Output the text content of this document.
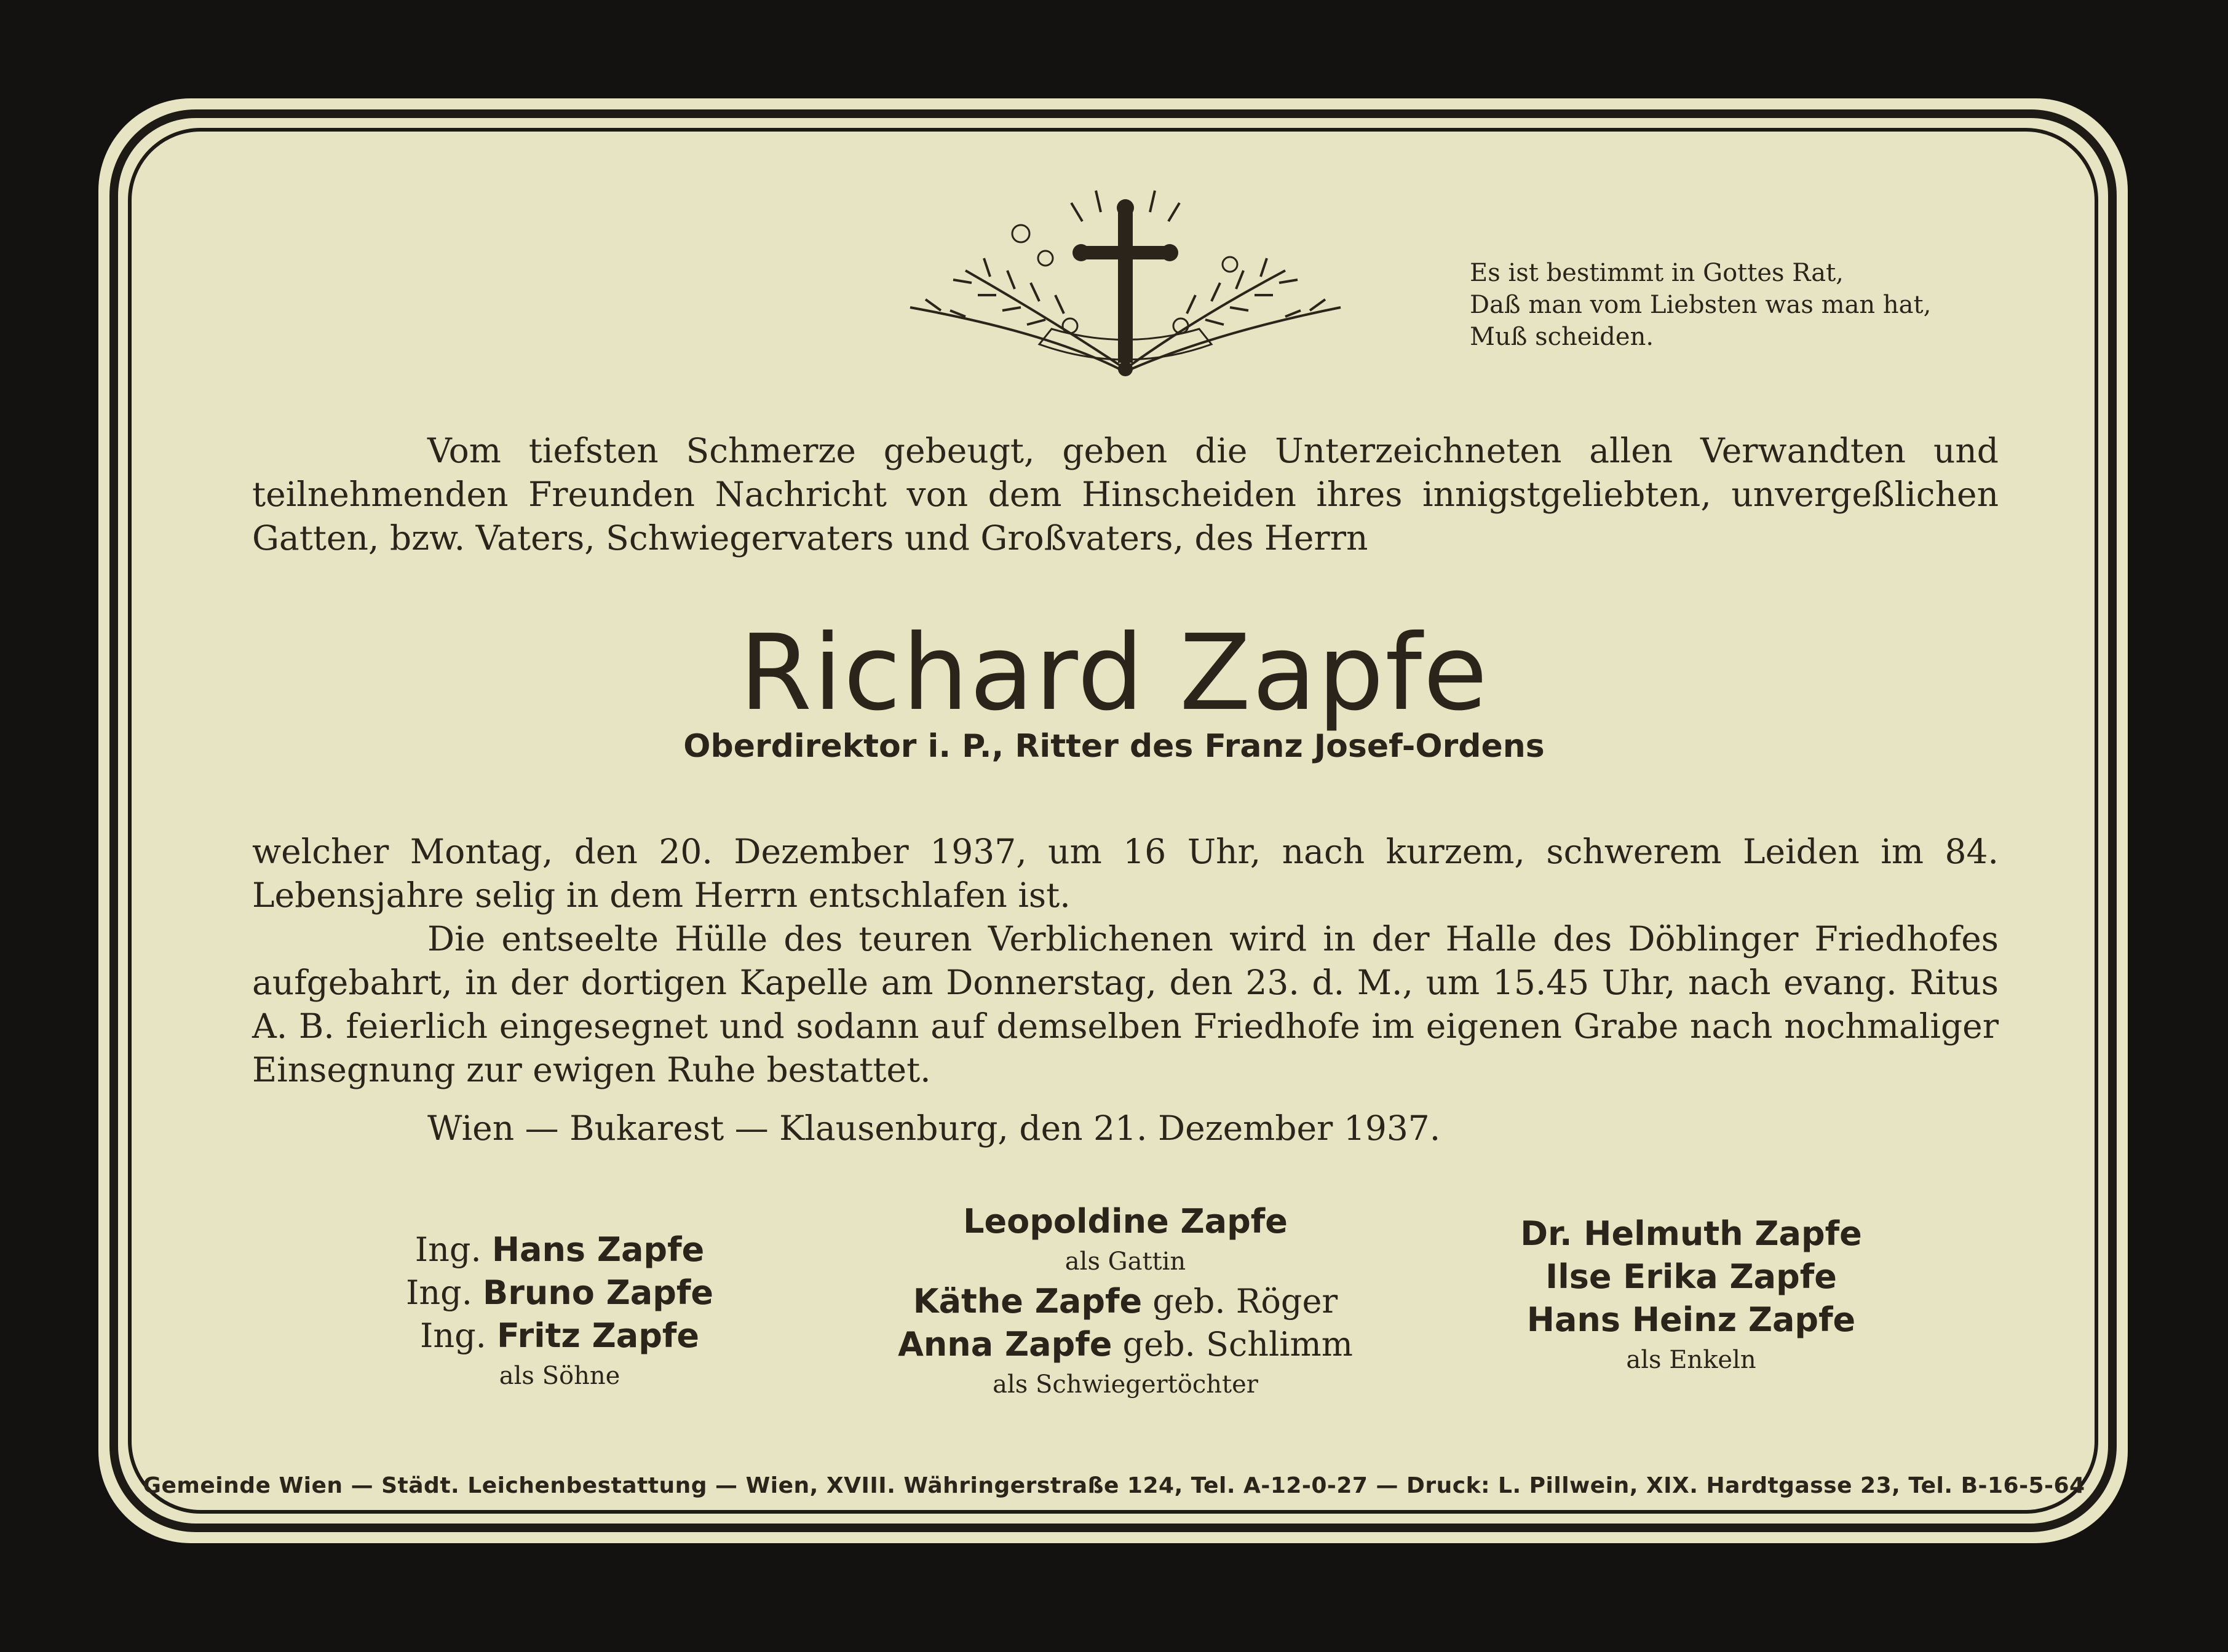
Es ist bestimmt in Gottes Rat,
Daß man vom Liebsten was man hat,
Muß scheiden.

Vom tiefsten Schmerze gebeugt, geben die Unterzeichneten allen Verwandten und teilnehmenden Freunden Nachricht von dem Hinscheiden ihres innigstgeliebten, unvergeßlichen Gatten, bzw. Vaters, Schwiegervaters und Großvaters, des Herrn

Richard Zapfe
Oberdirektor i. P., Ritter des Franz Josef-Ordens

welcher Montag, den 20. Dezember 1937, um 16 Uhr, nach kurzem, schwerem Leiden im 84. Lebensjahre selig in dem Herrn entschlafen ist.

Die entseelte Hülle des teuren Verblichenen wird in der Halle des Döblinger Friedhofes aufgebahrt, in der dortigen Kapelle am Donnerstag, den 23. d. M., um 15.45 Uhr, nach evang. Ritus A. B. feierlich eingesegnet und sodann auf demselben Friedhofe im eigenen Grabe nach nochmaliger Einsegnung zur ewigen Ruhe bestattet.

Wien — Bukarest — Klausenburg, den 21. Dezember 1937.
Ing. Hans Zapfe
Ing. Bruno Zapfe
Ing. Fritz Zapfe
als Söhne
Leopoldine Zapfe
als Gattin
Käthe Zapfe geb. Röger
Anna Zapfe geb. Schlimm
als Schwiegertöchter
Dr. Helmuth Zapfe
Ilse Erika Zapfe
Hans Heinz Zapfe
als Enkeln
Gemeinde Wien — Städt. Leichenbestattung — Wien, XVIII. Währingerstraße 124, Tel. A-12-0-27 — Druck: L. Pillwein, XIX. Hardtgasse 23, Tel. B-16-5-64
